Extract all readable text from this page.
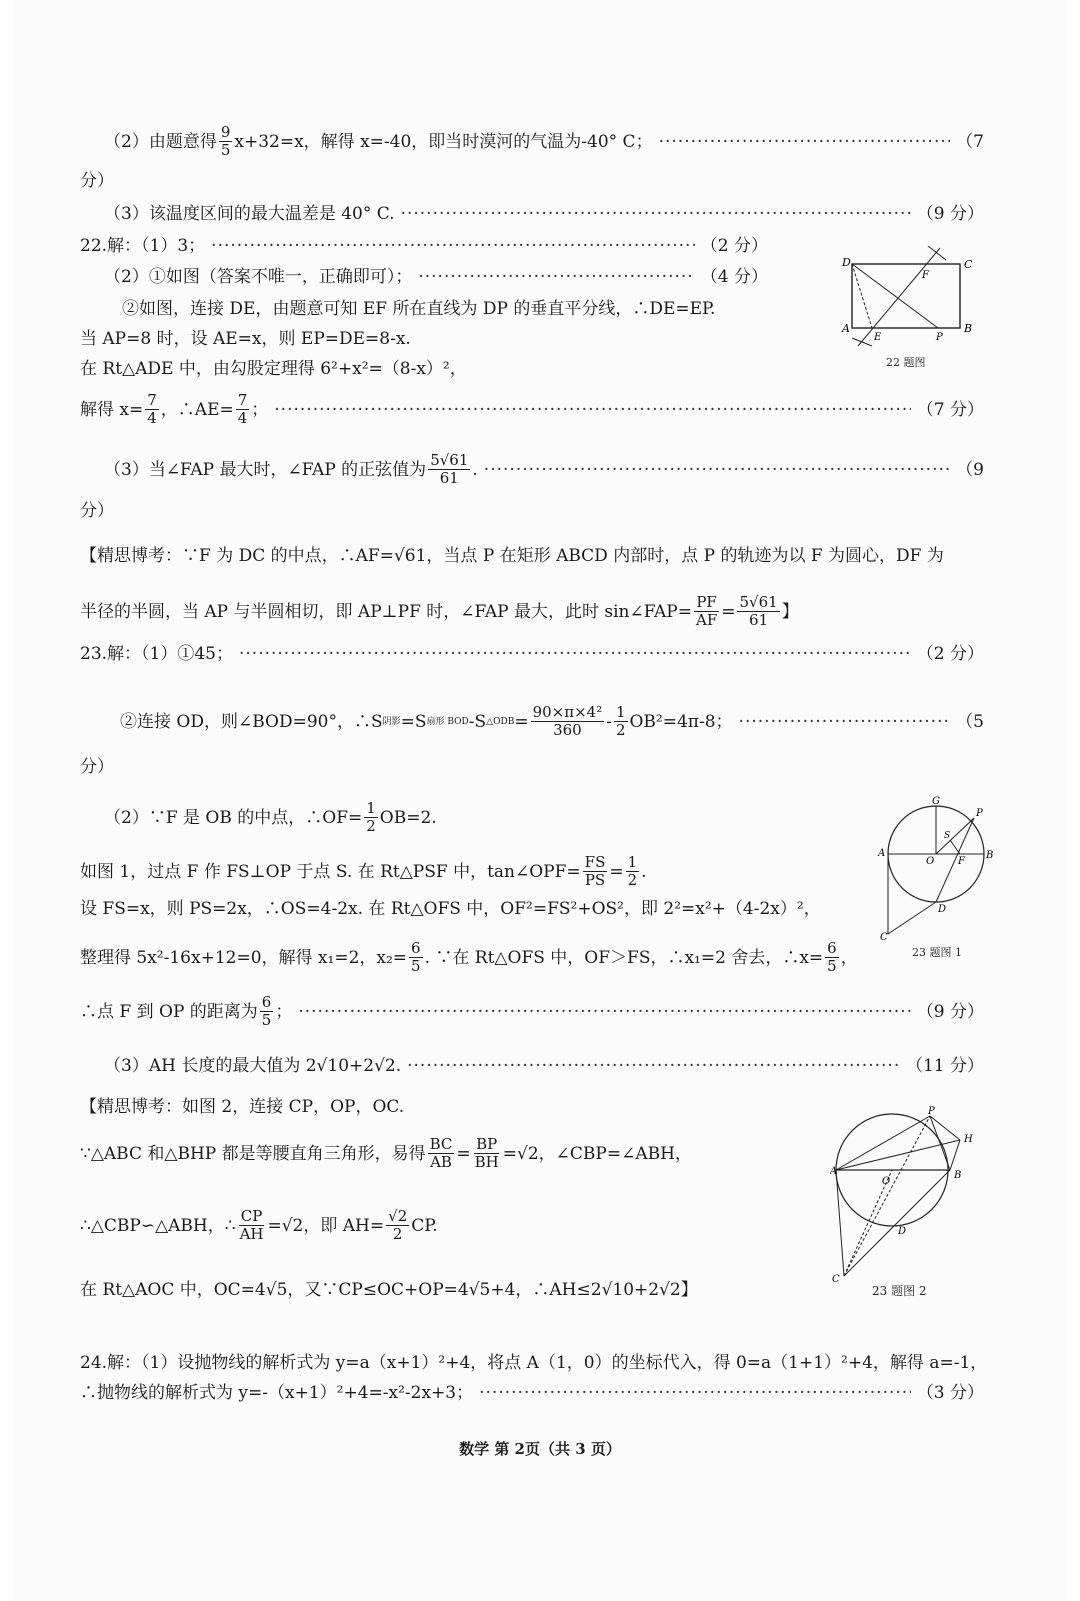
（2）由题意得 $\frac{9}{5} x+32=x$，解得 x=-40，即当时漠河的气温为-40° C； ·····	（7
分）
（3）该温度区间的最大温差是 40° C. ·····	（9 分）
22.解：（1）3； ·····	（2 分）
（2）①如图（答案不唯一，正确即可）； ·····	（4 分）
②如图，连接 DE，由题意可知 EF 所在直线为 DP 的垂直平分线，∴DE=EP.
当 AP=8 时，设 AE=x，则 EP=DE=8-x.
在 Rt△ADE 中，由勾股定理得 6²+x²=（8-x）²，
解得 $x= \frac{7}{4}$ ，∴AE= $\frac{7}{4}$ ； ·····	（7 分）
（3）当∠FAP 最大时，∠FAP 的正弦值为 $\frac{5√61}{61}$ . ·····	（9
分）
【精思博考：∵F 为 DC 的中点，∴AF=√61，当点 P 在矩形 ABCD 内部时，点 P 的轨迹为以 F 为圆心，DF 为
半径的半圆，当 AP 与半圆相切，即 AP⊥PF 时，∠FAP 最大，此时 sin∠FAP= $\frac{PF}{AF} = \frac{5√61}{61}$ 】
23.解：（1）①45； ·····	（2 分）
②连接 OD，则∠BOD=90°，∴S 阴影 =S 扇形 BOD -S △ODB = $\frac{\text{90×π×4²}}{360} - \frac{1}{2} OB^2=4\pi-8$； ·····	（5
分）
（2）∵F 是 OB 的中点，∴OF= $\frac{1}{2} OB=2$.
如图 1，过点 F 作 FS⊥OP 于点 S. 在 Rt△PSF 中，tan∠OPF= $\frac{FS}{PS} = \frac{1}{2}$ .
设 FS=x，则 PS=2x，∴OS=4-2x. 在 Rt△OFS 中，OF²=FS²+OS²，即 2²=x²+（4-2x）²，
整理得 5x²-16x+12=0，解得 x₁=2，$x_2= \frac{6}{5}$ . ∵在 Rt△OFS 中，OF＞FS，∴x₁=2 舍去，∴x= $\frac{6}{5}$ ，
∴点 F 到 OP 的距离为 $\frac{6}{5}$ ； ·····	（9 分）
（3）AH 长度的最大值为 2√10+2√2. ·····	（11 分）
【精思博考：如图 2，连接 CP，OP，OC.
∵△ABC 和△BHP 都是等腰直角三角形，易得 $\frac{BC}{AB} = \frac{BP}{BH} =√2$，∠CBP=∠ABH，
∴△CBP∽△ABH，∴ $\frac{CP}{AH} =√2$，即 $AH= \frac{√2}{2}$ CP.
在 Rt△AOC 中，OC=4√5，又∵CP≤OC+OP=4√5+4，∴AH≤2√10+2√2】
24.解：（1）设抛物线的解析式为 y=a（x+1）²+4，将点 A（1，0）的坐标代入，得 0=a（1+1）²+4，解得 a=-1，
∴抛物线的解析式为 y=-（x+1）²+4=-x²-2x+3； ·····	（3 分）
D	C
A	B
E	P
F
22 题图
G
P
S
A
O F
B
D
C
23 题图 1
P
H
A
O
B
D
C
23 题图 2
数学 第 2页（共 3 页）
